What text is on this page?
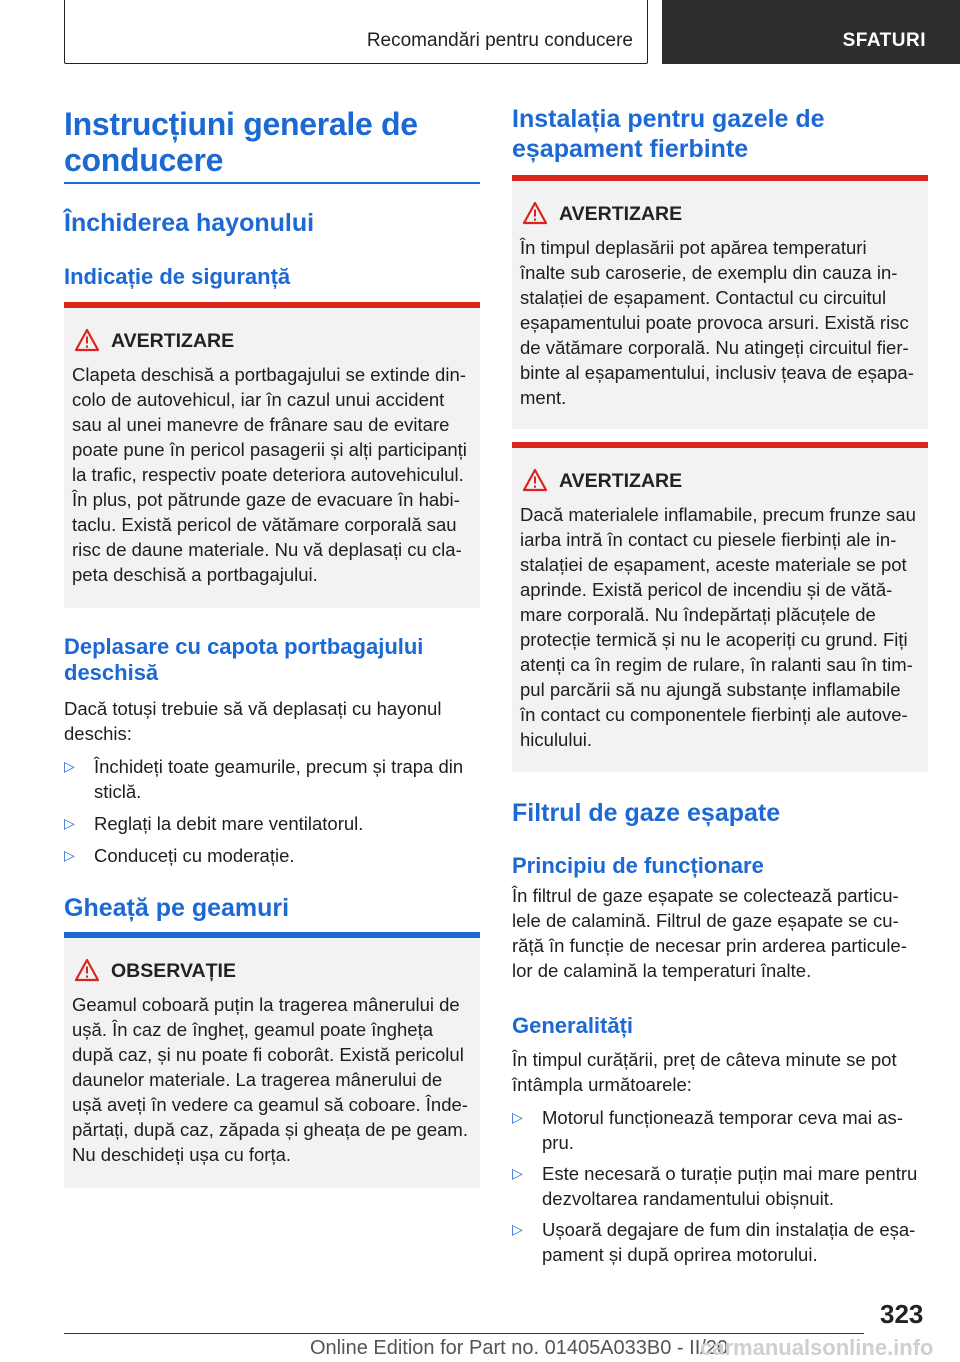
Recomandări pentru conducere	SFATURI
Instrucțiuni generale de
conducere
Închiderea hayonului
Indicație de siguranță
AVERTIZARE
Clapeta deschisă a portbagajului se extinde din-
colo de autovehicul, iar în cazul unui accident
sau al unei manevre de frânare sau de evitare
poate pune în pericol pasagerii și alți participanți
la trafic, respectiv poate deteriora autovehiculul.
În plus, pot pătrunde gaze de evacuare în habi-
taclu. Există pericol de vătămare corporală sau
risc de daune materiale. Nu vă deplasați cu cla-
peta deschisă a portbagajului.
Deplasare cu capota portbagajului
deschisă
Dacă totuși trebuie să vă deplasați cu hayonul
deschis:
▷ Închideți toate geamurile, precum și trapa din
sticlă.
▷ Reglați la debit mare ventilatorul.
▷ Conduceți cu moderație.
Gheață pe geamuri
OBSERVAȚIE
Geamul coboară puțin la tragerea mânerului de
ușă. În caz de îngheț, geamul poate îngheța
după caz, și nu poate fi coborât. Există pericolul
daunelor materiale. La tragerea mânerului de
ușă aveți în vedere ca geamul să coboare. Înde-
părtați, după caz, zăpada și gheața de pe geam.
Nu deschideți ușa cu forța.
Instalația pentru gazele de
eșapament fierbinte
AVERTIZARE
În timpul deplasării pot apărea temperaturi
înalte sub caroserie, de exemplu din cauza in-
stalației de eșapament. Contactul cu circuitul
eșapamentului poate provoca arsuri. Există risc
de vătămare corporală. Nu atingeți circuitul fier-
binte al eșapamentului, inclusiv țeava de eșapa-
ment.
AVERTIZARE
Dacă materialele inflamabile, precum frunze sau
iarba intră în contact cu piesele fierbinți ale in-
stalației de eșapament, aceste materiale se pot
aprinde. Există pericol de incendiu și de vătă-
mare corporală. Nu îndepărtați plăcuțele de
protecție termică și nu le acoperiți cu grund. Fiți
atenți ca în regim de rulare, în ralanti sau în tim-
pul parcării să nu ajungă substanțe inflamabile
în contact cu componentele fierbinți ale autove-
hiculului.
Filtrul de gaze eșapate
Principiu de funcționare
În filtrul de gaze eșapate se colectează particu-
lele de calamină. Filtrul de gaze eșapate se cu-
răță în funcție de necesar prin arderea particule-
lor de calamină la temperaturi înalte.
Generalități
În timpul curățării, preț de câteva minute se pot
întâmpla următoarele:
▷ Motorul funcționează temporar ceva mai as-
pru.
▷ Este necesară o turație puțin mai mare pentru
dezvoltarea randamentului obișnuit.
▷ Ușoară degajare de fum din instalația de eșa-
pament și după oprirea motorului.
323
Online Edition for Part no. 01405A033B0 - II/20
carmanualsonline.info
